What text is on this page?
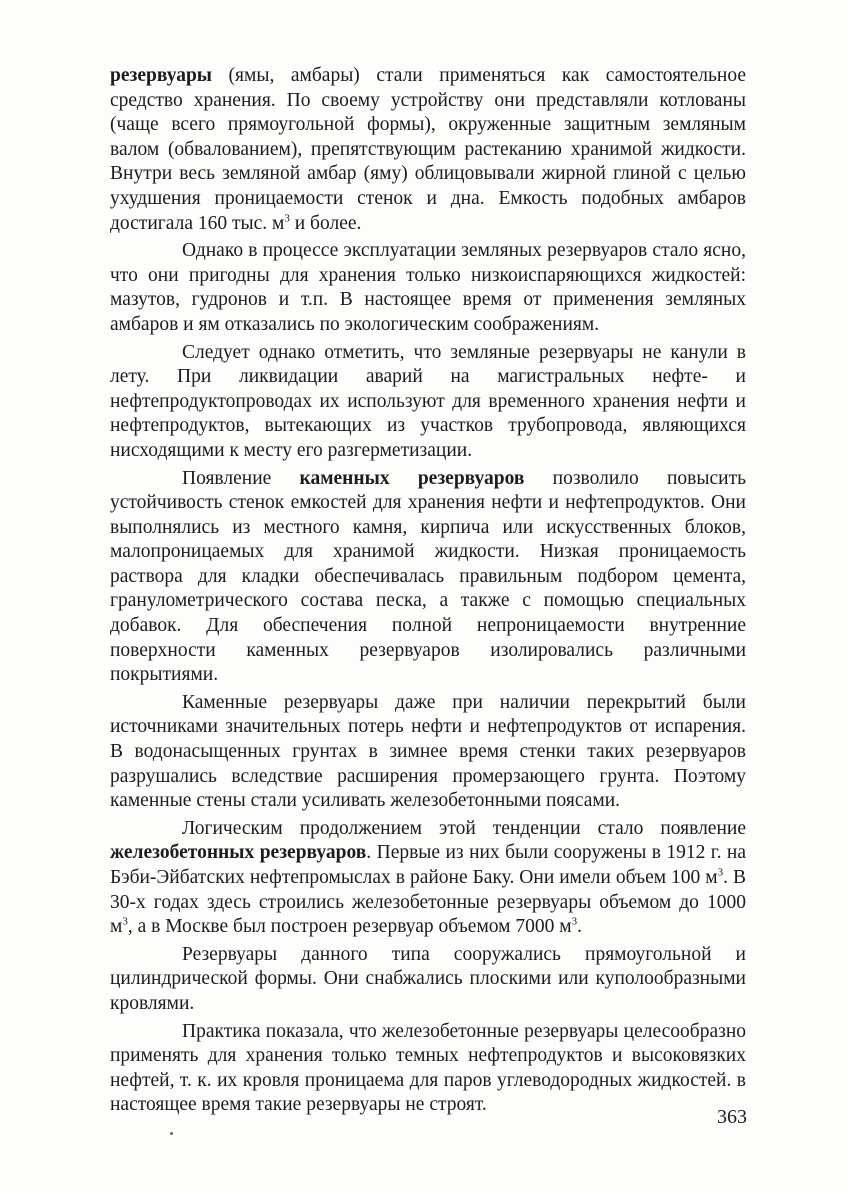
резервуары (ямы, амбары) стали применяться как самостоятельное средство хранения. По своему устройству они представляли котлованы (чаще всего прямоугольной формы), окруженные защитным земляным валом (обвалованием), препятствующим растеканию хранимой жидкости. Внутри весь земляной амбар (яму) облицовывали жирной глиной с целью ухудшения проницаемости стенок и дна. Емкость подобных амбаров достигала 160 тыс. $м^3$ и более.

Однако в процессе эксплуатации земляных резервуаров стало ясно, что они пригодны для хранения только низкоиспаряющихся жидкостей: мазутов, гудронов и т.п. В настоящее время от применения земляных амбаров и ям отказались по экологическим соображениям.

Следует однако отметить, что земляные резервуары не канули в лету. При ликвидации аварий на магистральных нефте- и нефтепродуктопроводах их используют для временного хранения нефти и нефтепродуктов, вытекающих из участков трубопровода, являющихся нисходящими к месту его разгерметизации.

Появление каменных резервуаров позволило повысить устойчивость стенок емкостей для хранения нефти и нефтепродуктов. Они выполнялись из местного камня, кирпича или искусственных блоков, малопроницаемых для хранимой жидкости. Низкая проницаемость раствора для кладки обеспечивалась правильным подбором цемента, гранулометрического состава песка, а также с помощью специальных добавок. Для обеспечения полной непроницаемости внутренние поверхности каменных резервуаров изолировались различными покрытиями.

Каменные резервуары даже при наличии перекрытий были источниками значительных потерь нефти и нефтепродуктов от испарения. В водонасыщенных грунтах в зимнее время стенки таких резервуаров разрушались вследствие расширения промерзающего грунта. Поэтому каменные стены стали усиливать железобетонными поясами.

Логическим продолжением этой тенденции стало появление железобетонных резервуаров. Первые из них были сооружены в 1912 г. на Бэби-Эйбатских нефтепромыслах в районе Баку. Они имели объем 100 $м^3$. В 30-х годах здесь строились железобетонные резервуары объемом до 1000 $м^3$, а в Москве был построен резервуар объемом 7000 $м^3$.

Резервуары данного типа сооружались прямоугольной и цилиндрической формы. Они снабжались плоскими или куполообразными кровлями.

Практика показала, что железобетонные резервуары целесообразно применять для хранения только темных нефтепродуктов и высоковязких нефтей, т. к. их кровля проницаема для паров углеводородных жидкостей. в настоящее время такие резервуары не строят.

363
